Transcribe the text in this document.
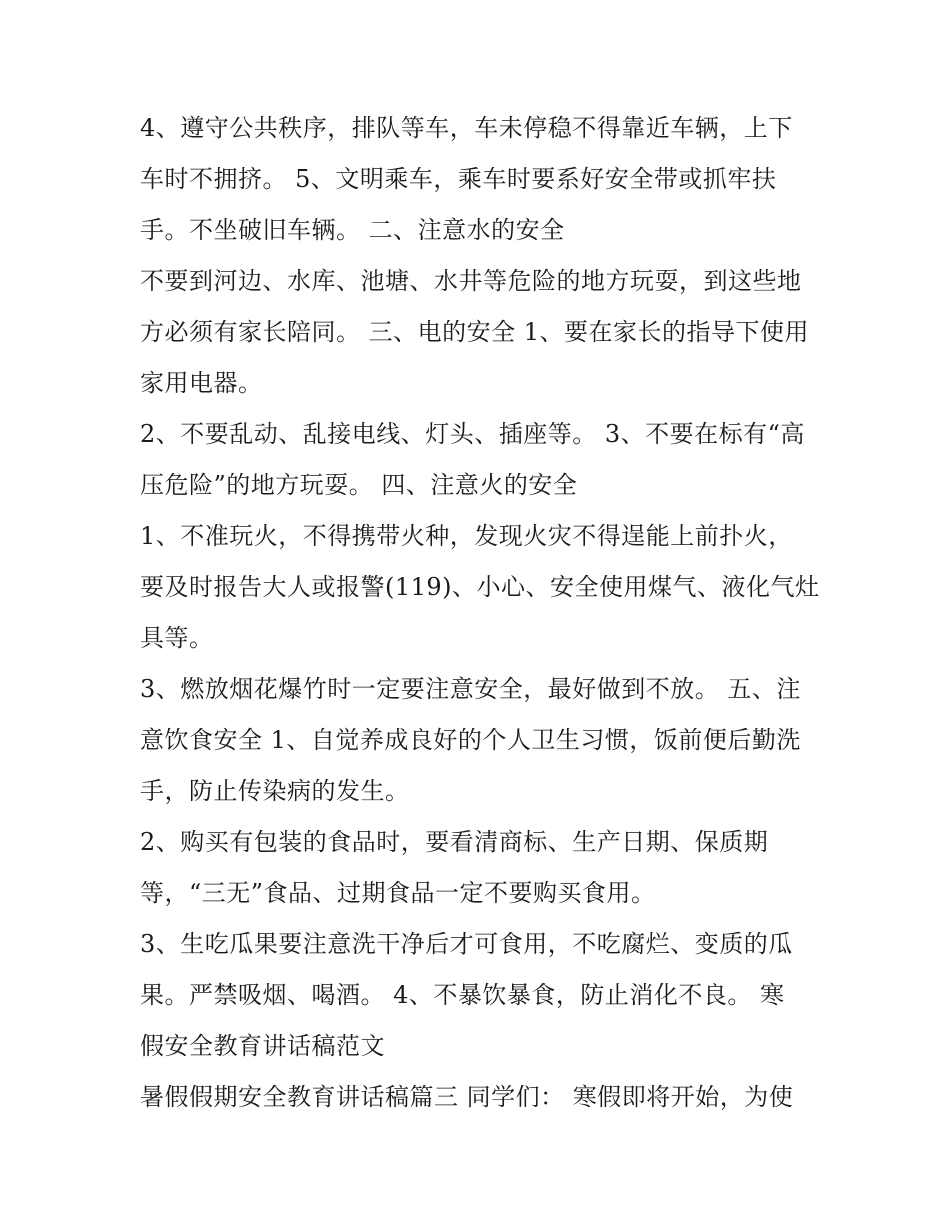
4、遵守公共秩序，排队等车，车未停稳不得靠近车辆，上下
车时不拥挤。 5、文明乘车，乘车时要系好安全带或抓牢扶
手。不坐破旧车辆。 二、注意水的安全
不要到河边、水库、池塘、水井等危险的地方玩耍，到这些地
方必须有家长陪同。 三、电的安全 1、要在家长的指导下使用
家用电器。
2、不要乱动、乱接电线、灯头、插座等。 3、不要在标有“高
压危险”的地方玩耍。 四、注意火的安全
1、不准玩火，不得携带火种，发现火灾不得逞能上前扑火，
要及时报告大人或报警(119)、小心、安全使用煤气、液化气灶
具等。
3、燃放烟花爆竹时一定要注意安全，最好做到不放。 五、注
意饮食安全 1、自觉养成良好的个人卫生习惯，饭前便后勤洗
手，防止传染病的发生。
2、购买有包装的食品时，要看清商标、生产日期、保质期
等，“三无”食品、过期食品一定不要购买食用。
3、生吃瓜果要注意洗干净后才可食用，不吃腐烂、变质的瓜
果。严禁吸烟、喝酒。 4、不暴饮暴食，防止消化不良。 寒
假安全教育讲话稿范文
暑假假期安全教育讲话稿篇三 同学们： 寒假即将开始，为使
